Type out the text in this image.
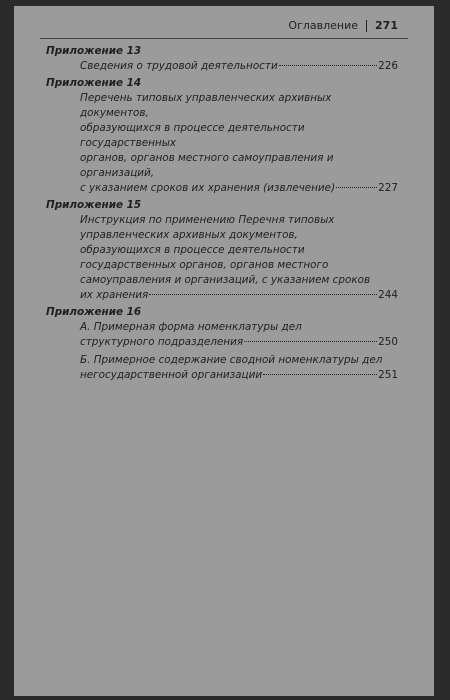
Оглавление 271
Приложение 13
Сведения о трудовой деятельности	226
Приложение 14
Перечень типовых управленческих архивных документов,
образующихся в процессе деятельности государственных
органов, органов местного самоуправления и организаций,
с указанием сроков их хранения (извлечение)	227
Приложение 15
Инструкция по применению Перечня типовых
управленческих архивных документов,
образующихся в процессе деятельности
государственных органов, органов местного
самоуправления и организаций, с указанием сроков
их хранения	244
Приложение 16
А. Примерная форма номенклатуры дел
структурного подразделения	250
Б. Примерное содержание сводной номенклатуры дел
негосударственной организации	251
